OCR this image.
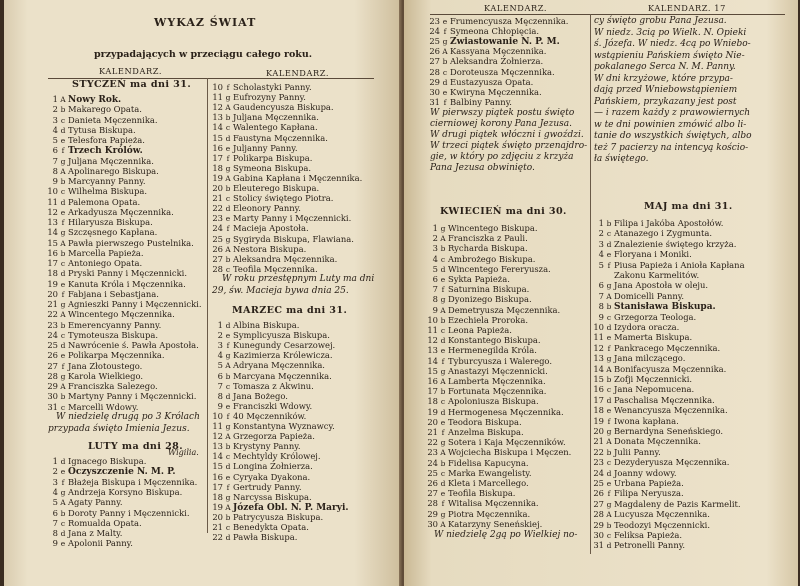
WYKAZ ŚWIAT
przypadających w przeciągu całego roku.
KALENDARZ.	KALENDARZ.
STYCZEŃ ma dni 31.
1 A Nowy Rok.
2 b Makarego Opata.
3 c Danieta Męczennika.
4 d Tytusa Biskupa.
5 e Telesfora Papieża.
6 f Trzech Królów.
7 g Juljana Męczennika.
8 A Apolinarego Biskupa.
9 b Marcyanny Panny.
10 c Wilhelma Biskupa.
11 d Palemona Opata.
12 e Arkadyusza Męczennika.
13 f Hilaryusza Biskupa.
14 g Szczęsnego Kapłana.
15 A Pawła pierwszego Pustelnika.
16 b Marcella Papieża.
17 c Antoniego Opata.
18 d Pryski Panny i Męczennicki.
19 e Kanuta Króla i Męczennika.
20 f Fabjana i Sebastjana.
21 g Agnieszki Panny i Męczennicki.
22 A Wincentego Męczennika.
23 b Emerencyanny Panny.
24 c Tymoteusza Biskupa.
25 d Nawrócenie ś. Pawła Apostoła.
26 e Polikarpa Męczennika.
27 f Jana Złotoustego.
28 g Karola Wielkiego.
29 A Franciszka Salezego.
30 b Martyny Panny i Męczennicki.
31 c Marcelli Wdowy.
W niedzielę drugą po 3 Królach
przypada święto Imienia Jezus.
LUTY ma dni 28.
1 d Ignacego Biskupa.
2 e Oczyszczenie N. M. P.
3 f Błażeja Biskupa i Męczennika.
4 g Andrzeja Korsyno Biskupa.
5 A Agaty Panny.
6 b Doroty Panny i Męczennicki.
7 c Romualda Opata.
8 d Jana z Malty.
9 e Apolonii Panny.
Wigilia.
10 f Scholastyki Panny.
11 g Eufrozyny Panny.
12 A Gaudencyusza Biskupa.
13 b Juljana Męczennika.
14 c Walentego Kapłana.
15 d Faustyna Męczennika.
16 e Juljanny Panny.
17 f Polikarpa Biskupa.
18 g Symeona Biskupa.
19 A Gabina Kapłana i Męczennika.
20 b Eleuterego Biskupa.
21 c Stolicy świętego Piotra.
22 d Eleonory Panny.
23 e Marty Panny i Męczennicki.
24 f Macieja Apostoła.
25 g Sygiryda Biskupa, Flawiana.
26 A Nestora Biskupa.
27 b Aleksandra Męczennika.
28 c Teofila Męczennika.
W roku przestępnym Luty ma dni
29, św. Macieja bywa dnia 25.
MARZEC ma dni 31.
1 d Albina Biskupa.
2 e Symplicyusza Biskupa.
3 f Kunegundy Cesarzowej.
4 g Kazimierza Królewicza.
5 A Adryana Męczennika.
6 b Marcyana Męczennika.
7 c Tomasza z Akwinu.
8 d Jana Bożego.
9 e Franciszki Wdowy.
10 f 40 Męczenników.
11 g Konstantyna Wyznawcy.
12 A Grzegorza Papieża.
13 b Krystyny Panny.
14 c Mechtyldy Królowej.
15 d Longina Żołnierza.
16 e Cyryaka Dyakona.
17 f Gertrudy Panny.
18 g Narcyssa Biskupa.
19 A Józefa Obl. N. P. Maryi.
20 b Patrycyusza Biskupa.
21 c Benedykta Opata.
22 d Pawła Biskupa.
KALENDARZ.	KALENDARZ. 17
23 e Frumencyusza Męczennika.
24 f Symeona Chłopięcia.
25 g Zwiastowanie N. P. M.
26 A Kassyana Męczennika.
27 b Aleksandra Żołnierza.
28 c Doroteusza Męczennika.
29 d Eustazyusza Opata.
30 e Kwiryna Męczennika.
31 f Balbiny Panny.
W pierwszy piątek postu święto
cierniowej korony Pana Jezusa.
W drugi piątek włóczni i gwoździ.
W trzeci piątek święto przenajdro-
gie, w który po zdjęciu z krzyża
Pana Jezusa obwinięto.
cy święto grobu Pana Jezusa.
W niedz. 3cią po Wielk. N. Opieki
ś. Józefa. W niedz. 4cą po Wniebo-
wstąpieniu Pańskiem święto Nie-
pokalanego Serca N. M. Panny.
W dni krzyżowe, które przypa-
dają przed Wniebowstąpieniem
Pańskiem, przykazany jest post
— i razem każdy z prawowiernych
w te dni powinien zmówić albo li-
tanie do wszystkich świętych, albo
też 7 pacierzy na intencyą kościo-
ła świętego.
KWIECIEŃ ma dni 30.
1 g Wincentego Biskupa.
2 A Franciszka z Pauli.
3 b Rycharda Biskupa.
4 c Ambrożego Biskupa.
5 d Wincentego Fereryusza.
6 e Sykta Papieża.
7 f Saturnina Biskupa.
8 g Dyonizego Biskupa.
9 A Demetryusza Męczennika.
10 b Ezechiela Proroka.
11 c Leona Papieża.
12 d Konstantego Biskupa.
13 e Hermenegilda Króla.
14 f Tyburcyusza i Walerego.
15 g Anastazyi Męczennicki.
16 A Lamberta Męczennika.
17 b Fortunata Męczennika.
18 c Apoloniusza Biskupa.
19 d Hermogenesa Męczennika.
20 e Teodora Biskupa.
21 f Anzelma Biskupa.
22 g Sotera i Kaja Męczenników.
23 A Wojciecha Biskupa i Męczen.
24 b Fidelisa Kapucyna.
25 c Marka Ewangelisty.
26 d Kleta i Marcellego.
27 e Teofila Biskupa.
28 f Witalisa Męczennika.
29 g Piotra Męczennika.
30 A Katarzyny Seneńskiej.
W niedzielę 2gą po Wielkiej no-
MAJ ma dni 31.
1 b Filipa i Jakóba Apostołów.
2 c Atanazego i Zygmunta.
3 d Znalezienie świętego krzyża.
4 e Floryana i Moniki.
5 f Piusa Papieża i Anioła Kapłana
Zakonu Karmelitów.
6 g Jana Apostoła w oleju.
7 A Domicelli Panny.
8 b Stanisława Biskupa.
9 c Grzegorza Teologa.
10 d Izydora oracza.
11 e Mamerta Biskupa.
12 f Pankracego Męczennika.
13 g Jana milczącego.
14 A Bonifacyusza Męczennika.
15 b Zofji Męczennicki.
16 c Jana Nepomucena.
17 d Paschalisa Męczennika.
18 e Wenancyusza Męczennika.
19 f Iwona kapłana.
20 g Bernardyna Seneńskiego.
21 A Donata Męczennika.
22 b Julii Panny.
23 c Dezyderyusza Męczennika.
24 d Joanny wdowy.
25 e Urbana Papieża.
26 f Filipa Neryusza.
27 g Magdaleny de Pazis Karmelit.
28 A Lucyusza Męczennika.
29 b Teodozyi Męczennicki.
30 c Feliksa Papieża.
31 d Petronelli Panny.
